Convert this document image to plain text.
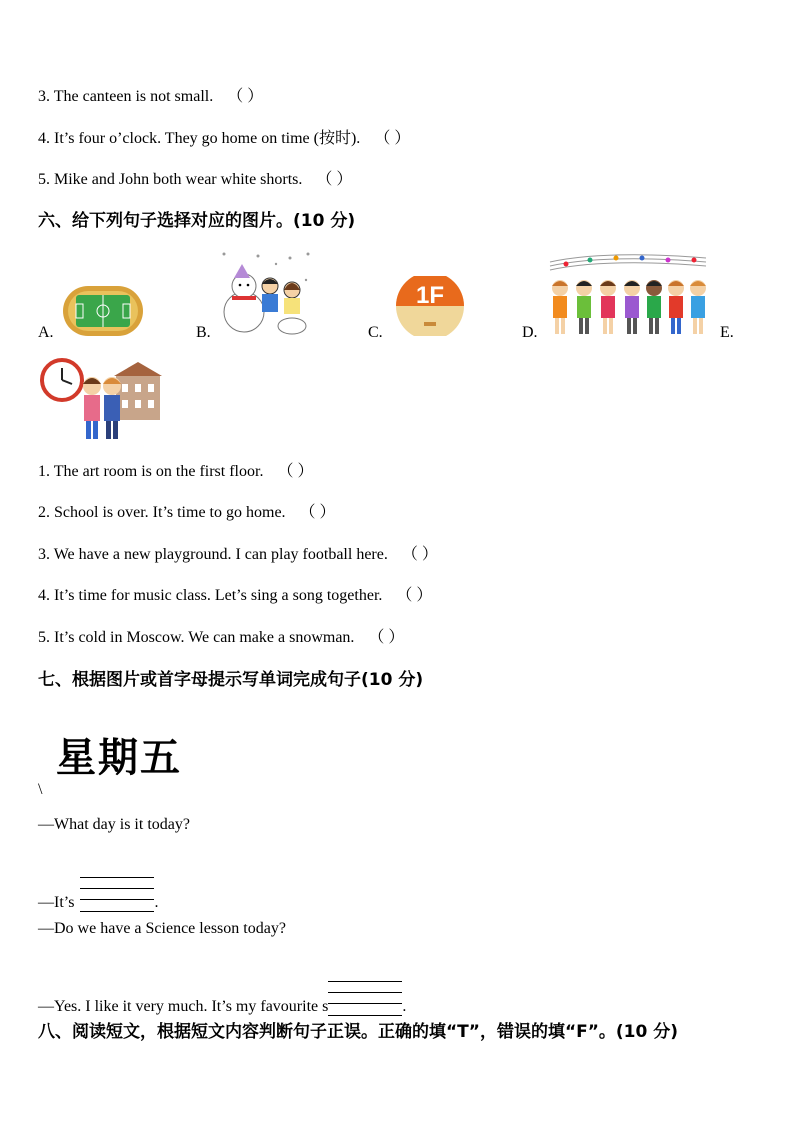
3. The canteen is not small. （ ）
4. It’s four o’clock. They go home on time (按时). （ ）
5. Mike and John both wear white shorts. （ ）
六、给下列句子选择对应的图片。(10 分)
A.	B.	C.
1F
D.	E.
1. The art room is on the first floor. （ ）
2. School is over. It’s time to go home. （ ）
3. We have a new playground. I can play football here. （ ）
4. It’s time for music class. Let’s sing a song together. （ ）
5. It’s cold in Moscow. We can make a snowman. （ ）
七、根据图片或首字母提示写单词完成句子(10 分)
星期五
\
—What day is it today?
—It’s	.
—Do we have a Science lesson today?
—Yes. I like it very much. It’s my favourite s	.
八、阅读短文，根据短文内容判断句子正误。正确的填“T”，错误的填“F”。(10 分)
